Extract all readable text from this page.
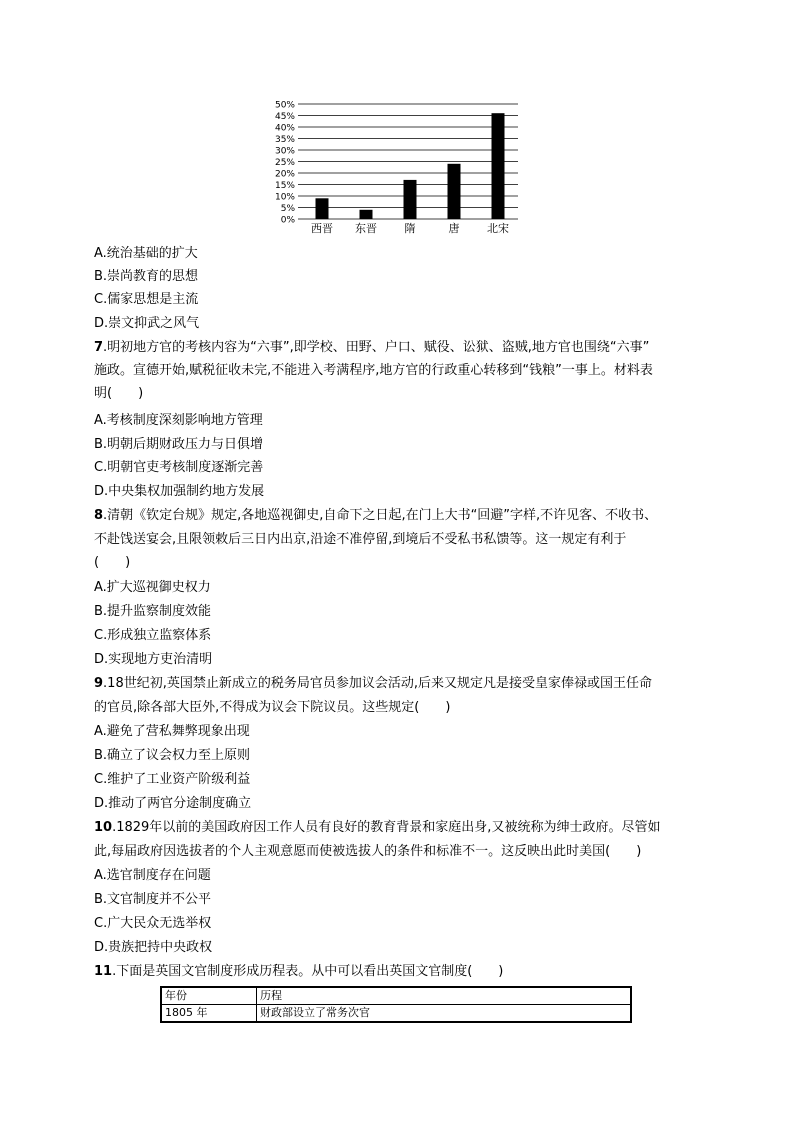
0%
5%
10%
15%
20%
25%
30%
35%
40%
45%
50%
西晋 东晋	隋	唐	北宋
A.统治基础的扩大
B.崇尚教育的思想
C.儒家思想是主流
D.崇文抑武之风气
7.明初地方官的考核内容为“六事”,即学校、田野、户口、赋役、讼狱、盗贼,地方官也围绕“六事”
施政。宣德开始,赋税征收未完,不能进入考满程序,地方官的行政重心转移到“钱粮”一事上。材料表
明(　　)
A.考核制度深刻影响地方管理
B.明朝后期财政压力与日俱增
C.明朝官吏考核制度逐渐完善
D.中央集权加强制约地方发展
8.清朝《钦定台规》规定,各地巡视御史,自命下之日起,在门上大书“回避”字样,不许见客、不收书、
不赴饯送宴会,且限领敕后三日内出京,沿途不准停留,到境后不受私书私馈等。这一规定有利于
(　　)
A.扩大巡视御史权力
B.提升监察制度效能
C.形成独立监察体系
D.实现地方吏治清明
9.18世纪初,英国禁止新成立的税务局官员参加议会活动,后来又规定凡是接受皇家俸禄或国王任命
的官员,除各部大臣外,不得成为议会下院议员。这些规定(　　)
A.避免了营私舞弊现象出现
B.确立了议会权力至上原则
C.维护了工业资产阶级利益
D.推动了两官分途制度确立
10.1829年以前的美国政府因工作人员有良好的教育背景和家庭出身,又被统称为绅士政府。尽管如
此,每届政府因选拔者的个人主观意愿而使被选拔人的条件和标准不一。这反映出此时美国(　　)
A.选官制度存在问题
B.文官制度并不公平
C.广大民众无选举权
D.贵族把持中央政权
11.下面是英国文官制度形成历程表。从中可以看出英国文官制度(　　)
年份	历程
1805 年	财政部设立了常务次官
